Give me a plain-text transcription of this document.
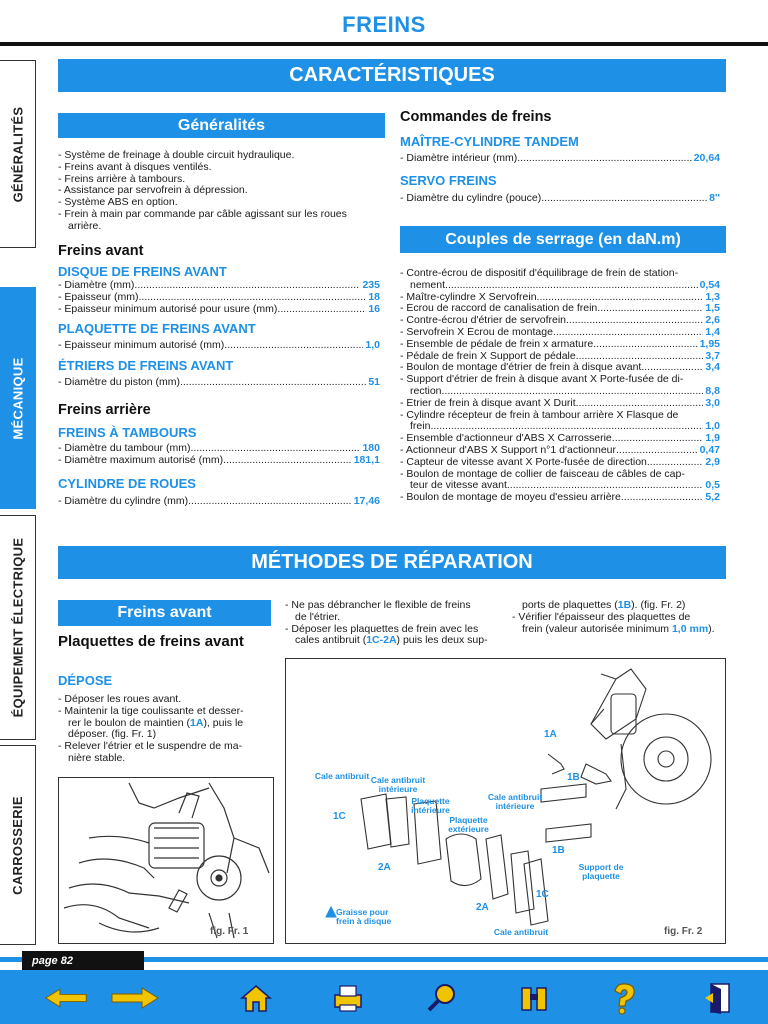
FREINS
GÉNÉRALITÉS
MÉCANIQUE
ÉQUIPEMENT ÉLECTRIQUE
CARROSSERIE
CARACTÉRISTIQUES
Généralités

- Système de freinage à double circuit hydraulique.

- Freins avant à disques ventilés.

- Freins arrière à tambours.

- Assistance par servofrein à dépression.

- Système ABS en option.

- Frein à main par commande par câble agissant sur les roues

arrière.

Freins avant
DISQUE DE FREINS AVANT
- Diamètre (mm) .....	235
- Épaisseur (mm) .....	18
- Épaisseur minimum autorisé pour usure (mm) .....	16
PLAQUETTE DE FREINS AVANT
- Épaisseur minimum autorisé (mm) .....	1,0
ÉTRIERS DE FREINS AVANT
- Diamètre du piston (mm) .....	51
Freins arrière
FREINS À TAMBOURS
- Diamètre du tambour (mm) .....	180
- Diamètre maximum autorisé (mm) .....	181,1
CYLINDRE DE ROUES
- Diamètre du cylindre (mm) .....	17,46
Commandes de freins
MAÎTRE-CYLINDRE TANDEM
- Diamètre intérieur (mm) .....	20,64
SERVO FREINS
- Diamètre du cylindre (pouce) .....	8''
Couples de serrage (en daN.m)

- Contre-écrou de dispositif d'équilibrage de frein de station-

nement .....	0,54
- Maître-cylindre X Servofrein .....	1,3
- Écrou de raccord de canalisation de frein .....	1,5
- Contre-écrou d'étrier de servofrein .....	2,6
- Servofrein X Écrou de montage .....	1,4
- Ensemble de pédale de frein x armature .....	1,95
- Pédale de frein X Support de pédale .....	3,7
- Boulon de montage d'étrier de frein à disque avant .....	3,4

- Support d'étrier de frein à disque avant X Porte-fusée de di-

rection .....	8,8
- Étrier de frein à disque avant X Durit .....	3,0

- Cylindre récepteur de frein à tambour arrière X Flasque de

frein .....	1,0
- Ensemble d'actionneur d'ABS X Carrosserie .....	1,9
- Actionneur d'ABS X Support n°1 d'actionneur .....	0,47
- Capteur de vitesse avant X Porte-fusée de direction .....	2,9

- Boulon de montage de collier de faisceau de câbles de cap-

teur de vitesse avant .....	0,5
- Boulon de montage de moyeu d'essieu arrière .....	5,2
MÉTHODES DE RÉPARATION
Freins avant
Plaquettes de freins avant
DÉPOSE

- Déposer les roues avant.

- Maintenir la tige coulissante et desser-

rer le boulon de maintien (1A), puis le

déposer. (fig. Fr. 1)

- Relever l'étrier et le suspendre de ma-

nière stable.

- Ne pas débrancher le flexible de freins

de l'étrier.

- Déposer les plaquettes de frein avec les

cales antibruit (1C-2A) puis les deux sup-

ports de plaquettes (1B). (fig. Fr. 2)

- Vérifier l'épaisseur des plaquettes de

frein (valeur autorisée minimum 1,0 mm).

fig. Fr. 1
Cale antibruit Cale antibruit intérieure
Plaquette intérieure
Cale antibruit intérieure
Plaquette extérieure
Support de plaquette
Graisse pour frein à disque
Cale antibruit
1A
1B
1B
1C
1C
2A
2A
fig. Fr. 2
page 82
